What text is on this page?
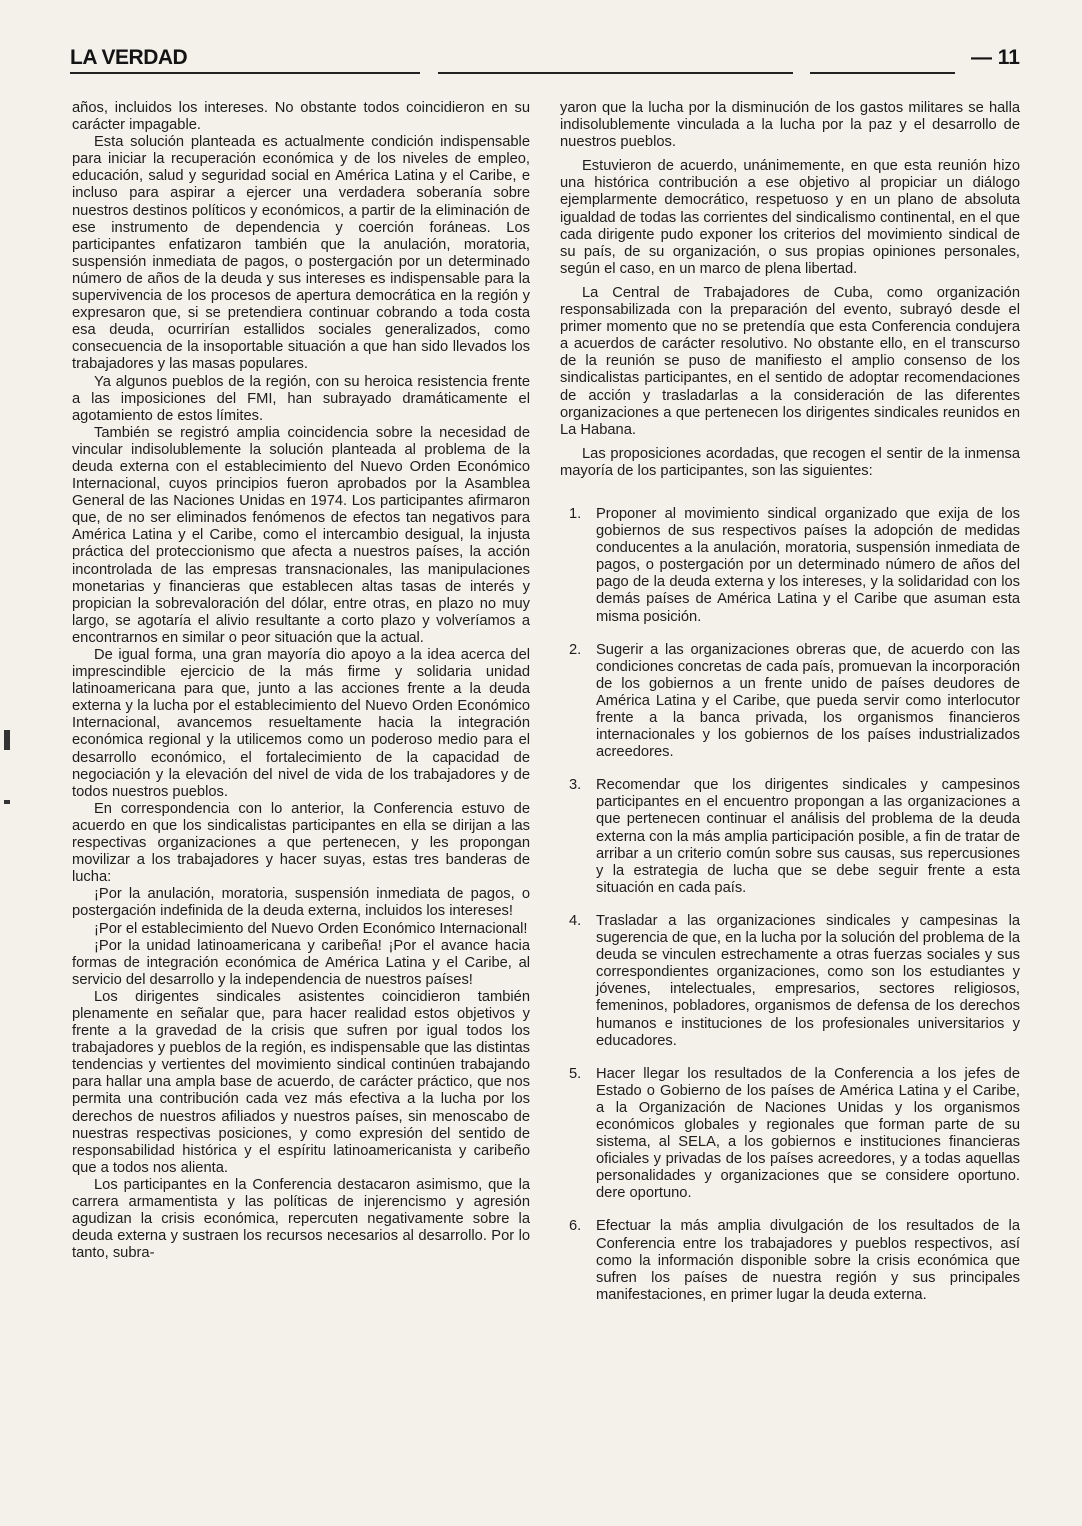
LA VERDAD	— 11

años, incluidos los intereses. No obstante todos coincidieron en su carácter impagable.

Esta solución planteada es actualmente condición indispensable para iniciar la recuperación económica y de los niveles de empleo, educación, salud y seguridad social en América Latina y el Caribe, e incluso para aspirar a ejercer una verdadera soberanía sobre nuestros destinos políticos y económicos, a partir de la eliminación de ese instrumento de dependencia y coerción foráneas. Los participantes enfatizaron también que la anulación, moratoria, suspensión inmediata de pagos, o postergación por un determinado número de años de la deuda y sus intereses es indispensable para la supervivencia de los procesos de apertura democrática en la región y expresaron que, si se pretendiera continuar cobrando a toda costa esa deuda, ocurrirían estallidos sociales generalizados, como consecuencia de la insoportable situación a que han sido llevados los trabajadores y las masas populares.

Ya algunos pueblos de la región, con su heroica resistencia frente a las imposiciones del FMI, han subrayado dramáticamente el agotamiento de estos límites.

También se registró amplia coincidencia sobre la necesidad de vincular indisolublemente la solución planteada al problema de la deuda externa con el establecimiento del Nuevo Orden Económico Internacional, cuyos principios fueron aprobados por la Asamblea General de las Naciones Unidas en 1974. Los participantes afirmaron que, de no ser eliminados fenómenos de efectos tan negativos para América Latina y el Caribe, como el intercambio desigual, la injusta práctica del proteccionismo que afecta a nuestros países, la acción incontrolada de las empresas transnacionales, las manipulaciones monetarias y financieras que establecen altas tasas de interés y propician la sobrevaloración del dólar, entre otras, en plazo no muy largo, se agotaría el alivio resultante a corto plazo y volveríamos a encontrarnos en similar o peor situación que la actual.

De igual forma, una gran mayoría dio apoyo a la idea acerca del imprescindible ejercicio de la más firme y solidaria unidad latinoamericana para que, junto a las acciones frente a la deuda externa y la lucha por el establecimiento del Nuevo Orden Económico Internacional, avancemos resueltamente hacia la integración económica regional y la utilicemos como un poderoso medio para el desarrollo económico, el fortalecimiento de la capacidad de negociación y la elevación del nivel de vida de los trabajadores y de todos nuestros pueblos.

En correspondencia con lo anterior, la Conferencia estuvo de acuerdo en que los sindicalistas participantes en ella se dirijan a las respectivas organizaciones a que pertenecen, y les propongan movilizar a los trabajadores y hacer suyas, estas tres banderas de lucha:

¡Por la anulación, moratoria, suspensión inmediata de pagos, o postergación indefinida de la deuda externa, incluidos los intereses!

¡Por el establecimiento del Nuevo Orden Económico Internacional!

¡Por la unidad latinoamericana y caribeña! ¡Por el avance hacia formas de integración económica de América Latina y el Caribe, al servicio del desarrollo y la independencia de nuestros países!

Los dirigentes sindicales asistentes coincidieron también plenamente en señalar que, para hacer realidad estos objetivos y frente a la gravedad de la crisis que sufren por igual todos los trabajadores y pueblos de la región, es indispensable que las distintas tendencias y vertientes del movimiento sindical continúen trabajando para hallar una ampla base de acuerdo, de carácter práctico, que nos permita una contribución cada vez más efectiva a la lucha por los derechos de nuestros afiliados y nuestros países, sin menoscabo de nuestras respectivas posiciones, y como expresión del sentido de responsabilidad histórica y el espíritu latinoamericanista y caribeño que a todos nos alienta.

Los participantes en la Conferencia destacaron asimismo, que la carrera armamentista y las políticas de injerencismo y agresión agudizan la crisis económica, repercuten negativamente sobre la deuda externa y sustraen los recursos necesarios al desarrollo. Por lo tanto, subra-

yaron que la lucha por la disminución de los gastos militares se halla indisolublemente vinculada a la lucha por la paz y el desarrollo de nuestros pueblos.

Estuvieron de acuerdo, unánimemente, en que esta reunión hizo una histórica contribución a ese objetivo al propiciar un diálogo ejemplarmente democrático, respetuoso y en un plano de absoluta igualdad de todas las corrientes del sindicalismo continental, en el que cada dirigente pudo exponer los criterios del movimiento sindical de su país, de su organización, o sus propias opiniones personales, según el caso, en un marco de plena libertad.

La Central de Trabajadores de Cuba, como organización responsabilizada con la preparación del evento, subrayó desde el primer momento que no se pretendía que esta Conferencia condujera a acuerdos de carácter resolutivo. No obstante ello, en el transcurso de la reunión se puso de manifiesto el amplio consenso de los sindicalistas participantes, en el sentido de adoptar recomendaciones de acción y trasladarlas a la consideración de las diferentes organizaciones a que pertenecen los dirigentes sindicales reunidos en La Habana.

Las proposiciones acordadas, que recogen el sentir de la inmensa mayoría de los participantes, son las siguientes:

1. Proponer al movimiento sindical organizado que exija de los gobiernos de sus respectivos países la adopción de medidas conducentes a la anulación, moratoria, suspensión inmediata de pagos, o postergación por un determinado número de años del pago de la deuda externa y los intereses, y la solidaridad con los demás países de América Latina y el Caribe que asuman esta misma posición.
2. Sugerir a las organizaciones obreras que, de acuerdo con las condiciones concretas de cada país, promuevan la incorporación de los gobiernos a un frente unido de países deudores de América Latina y el Caribe, que pueda servir como interlocutor frente a la banca privada, los organismos financieros internacionales y los gobiernos de los países industrializados acreedores.
3. Recomendar que los dirigentes sindicales y campesinos participantes en el encuentro propongan a las organizaciones a que pertenecen continuar el análisis del problema de la deuda externa con la más amplia participación posible, a fin de tratar de arribar a un criterio común sobre sus causas, sus repercusiones y la estrategia de lucha que se debe seguir frente a esta situación en cada país.
4. Trasladar a las organizaciones sindicales y campesinas la sugerencia de que, en la lucha por la solución del problema de la deuda se vinculen estrechamente a otras fuerzas sociales y sus correspondientes organizaciones, como son los estudiantes y jóvenes, intelectuales, empresarios, sectores religiosos, femeninos, pobladores, organismos de defensa de los derechos humanos e instituciones de los profesionales universitarios y educadores.
5. Hacer llegar los resultados de la Conferencia a los jefes de Estado o Gobierno de los países de América Latina y el Caribe, a la Organización de Naciones Unidas y los organismos económicos globales y regionales que forman parte de su sistema, al SELA, a los gobiernos e instituciones financieras oficiales y privadas de los países acreedores, y a todas aquellas personalidades y organizaciones que se considere oportuno. dere oportuno.
6. Efectuar la más amplia divulgación de los resultados de la Conferencia entre los trabajadores y pueblos respectivos, así como la información disponible sobre la crisis económica que sufren los países de nuestra región y sus principales manifestaciones, en primer lugar la deuda externa.
